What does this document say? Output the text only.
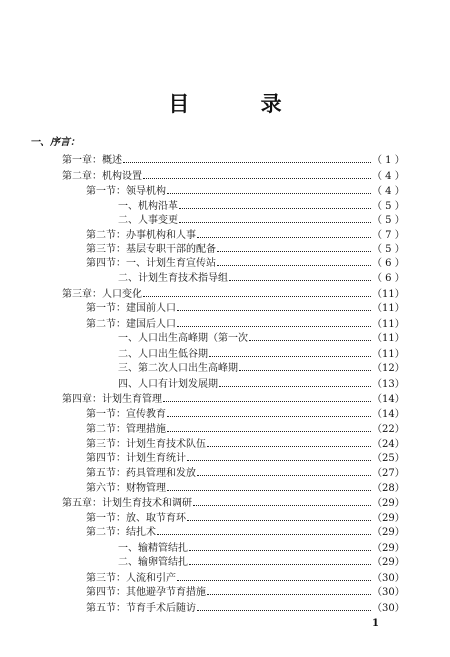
目 录
一、序言：
第一章：概述	（ 1 ）
第二章：机构设置	（ 4 ）
第一节：领导机构	（ 4 ）
一、机构沿革	（ 5 ）
二、人事变更	（ 5 ）
第二节：办事机构和人事	（ 7 ）
第三节：基层专职干部的配备	（ 5 ）
第四节：一、计划生育宣传站	（ 6 ）
二、计划生育技术指导组	（ 6 ）
第三章：人口变化	（11）
第一节：建国前人口	（11）
第二节：建国后人口	（11）
一、人口出生高峰期（第一次	（11）
二、人口出生低谷期	（11）
三、第二次人口出生高峰期	（12）
四、人口有计划发展期	（13）
第四章：计划生育管理	（14）
第一节：宣传教育	（14）
第二节：管理措施	（22）
第三节：计划生育技术队伍	（24）
第四节：计划生育统计	（25）
第五节：药具管理和发放	（27）
第六节：财物管理	（28）
第五章：计划生育技术和调研	（29）
第一节：放、取节育环	（29）
第二节：结扎术	（29）
一、输精管结扎	（29）
二、输卵管结扎	（29）
第三节：人流和引产	（30）
第四节：其他避孕节育措施	（30）
第五节：节育手术后随访	（30）
1
